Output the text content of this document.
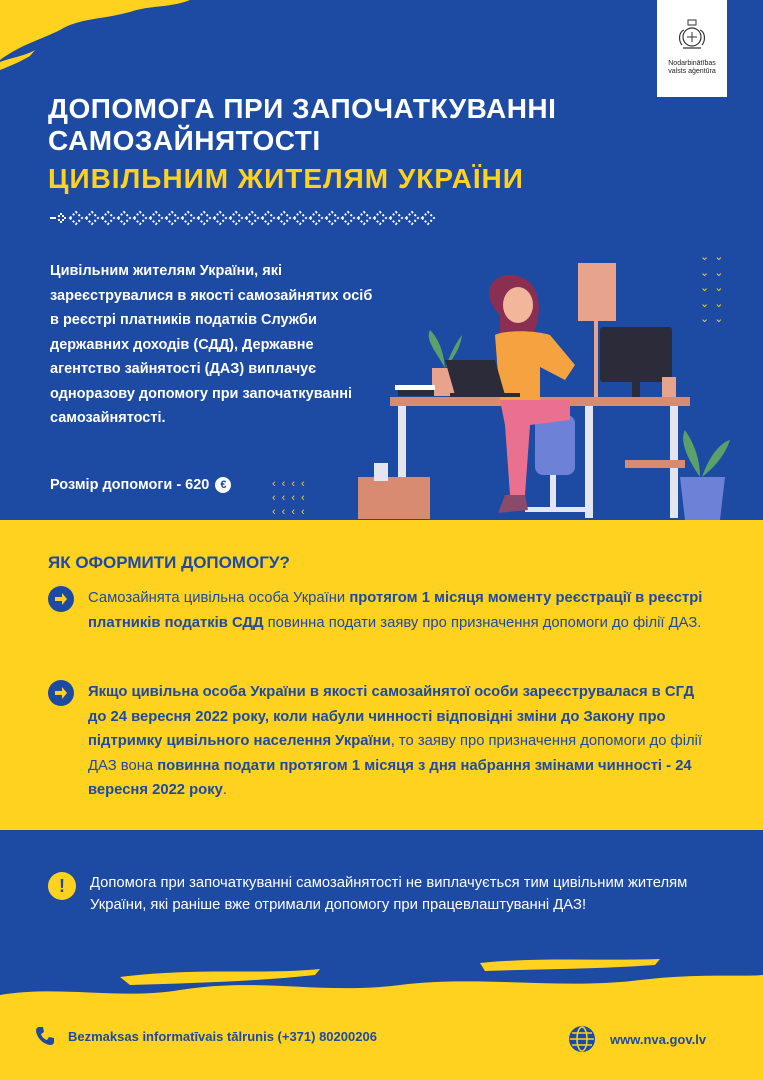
Nodarbinātības
valsts aģentūra
ДОПОМОГА ПРИ ЗАПОЧАТКУВАННІ
САМОЗАЙНЯТОСТІ
ЦИВІЛЬНИМ ЖИТЕЛЯМ УКРАЇНИ
⌄⌄
⌄⌄
⌄⌄
⌄⌄
⌄⌄
Цивільним жителям України, які зареєструвалися в якості самозайнятих осіб в реєстрі платників податків Служби державних доходів (СДД), Державне агентство зайнятості (ДАЗ) виплачує одноразову допомогу при започаткуванні самозайнятості.
Розмір допомоги - 620 €	‹‹‹‹
‹‹‹‹
‹‹‹‹
ЯК ОФОРМИТИ ДОПОМОГУ?
Самозайнята цивільна особа України протягом 1 місяця моменту реєстрації в реєстрі платників податків СДД повинна подати заяву про призначення допомоги до філії ДАЗ.
Якщо цивільна особа України в якості самозайнятої особи зареєструвалася в СГД до 24 вересня 2022 року, коли набули чинності відповідні зміни до Закону про підтримку цивільного населення України, то заяву про призначення допомоги до філії ДАЗ вона повинна подати протягом 1 місяця з дня набрання змінами чинності - 24 вересня 2022 року.
!	Допомога при започаткуванні самозайнятості не виплачується тим цивільним жителям України, які раніше вже отримали допомогу при працевлаштуванні ДАЗ!
Bezmaksas informatīvais tālrunis (+371) 80200206	www.nva.gov.lv
